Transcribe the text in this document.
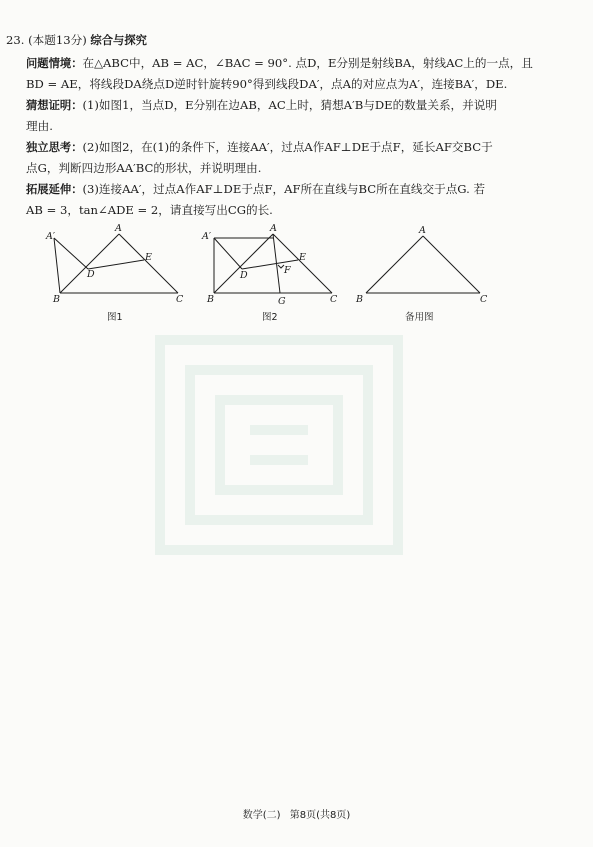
23. (本题13分) 综合与探究

问题情境：在△ABC中，AB = AC，∠BAC = 90°. 点D，E分别是射线BA，射线AC上的一点，且

BD = AE，将线段DA绕点D逆时针旋转90°得到线段DA′，点A的对应点为A′，连接BA′，DE.

猜想证明：(1)如图1，当点D，E分别在边AB，AC上时，猜想A′B与DE的数量关系，并说明

理由.

独立思考：(2)如图2，在(1)的条件下，连接AA′，过点A作AF⊥DE于点F，延长AF交BC于

点G，判断四边形AA′BC的形状，并说明理由.

拓展延伸：(3)连接AA′，过点A作AF⊥DE于点F，AF所在直线与BC所在直线交于点G. 若

AB = 3，tan∠ADE = 2，请直接写出CG的长.

A′
A
E
D
B	C
A′
A
E
F
D
B	C
G
A
B	C
图1	图2	备用图
数学(二) 第8页(共8页)
